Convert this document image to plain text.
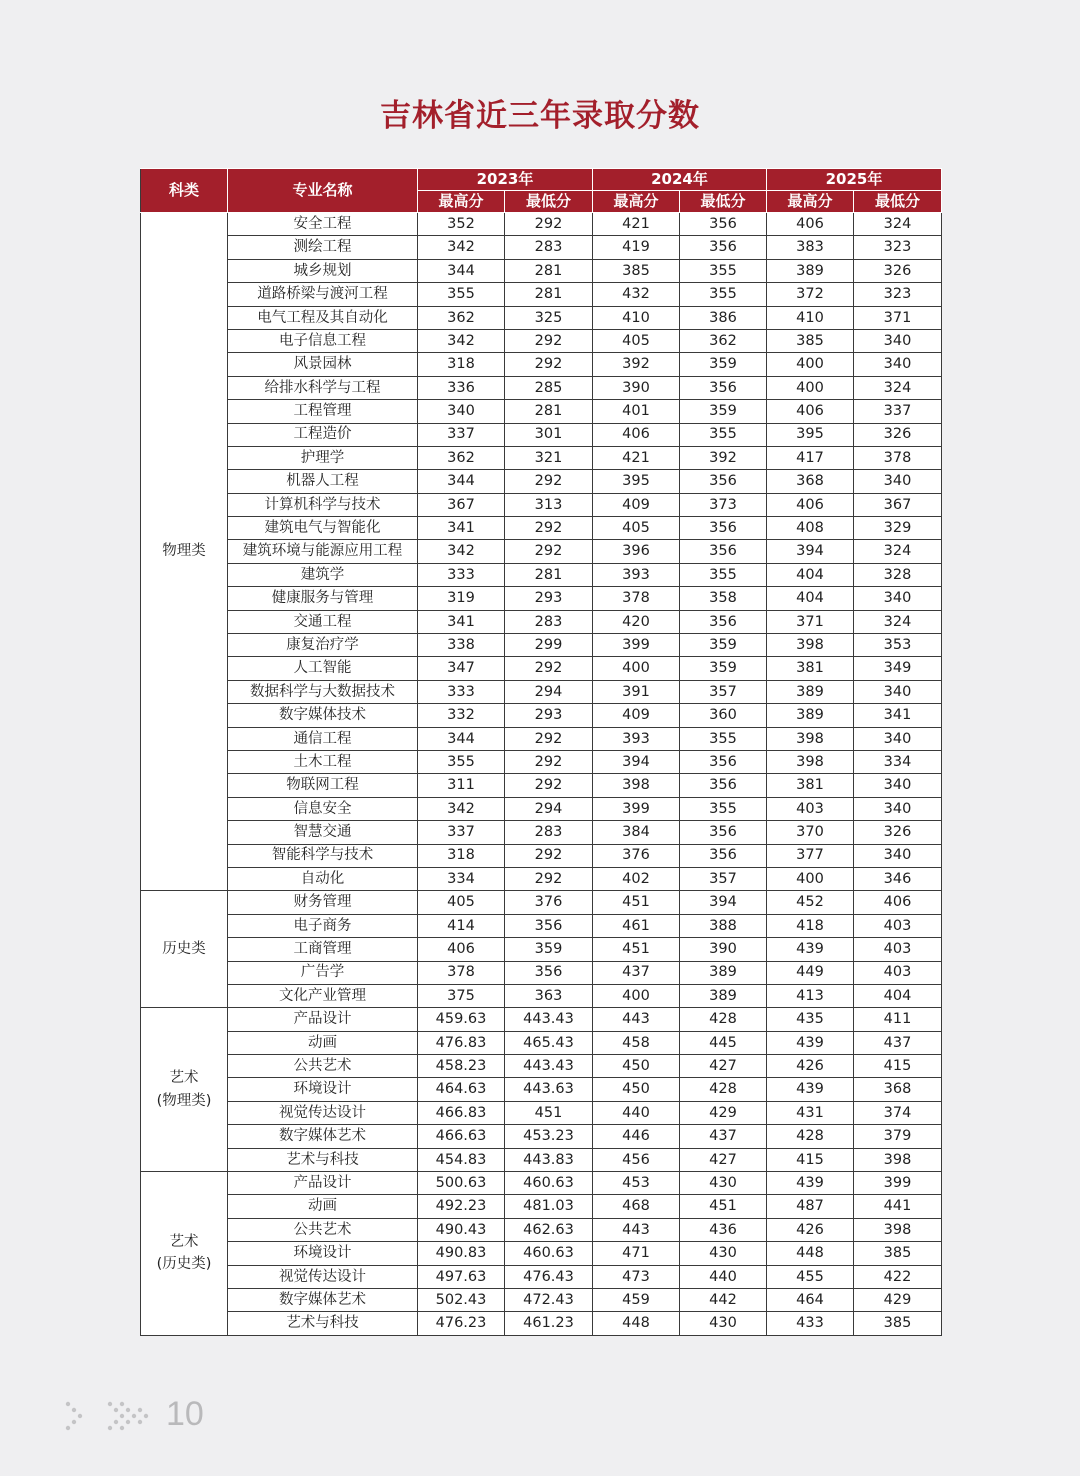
吉林省近三年录取分数
科类	专业名称	2023年		2024年		2025年	
		最高分	最低分	最高分	最低分	最高分	最低分

物理类	安全工程	352	292	421	356	406	324
	测绘工程	342	283	419	356	383	323
	城乡规划	344	281	385	355	389	326
	道路桥梁与渡河工程	355	281	432	355	372	323
	电气工程及其自动化	362	325	410	386	410	371
	电子信息工程	342	292	405	362	385	340
	风景园林	318	292	392	359	400	340
	给排水科学与工程	336	285	390	356	400	324
	工程管理	340	281	401	359	406	337
	工程造价	337	301	406	355	395	326
	护理学	362	321	421	392	417	378
	机器人工程	344	292	395	356	368	340
	计算机科学与技术	367	313	409	373	406	367
	建筑电气与智能化	341	292	405	356	408	329
	建筑环境与能源应用工程	342	292	396	356	394	324
	建筑学	333	281	393	355	404	328
	健康服务与管理	319	293	378	358	404	340
	交通工程	341	283	420	356	371	324
	康复治疗学	338	299	399	359	398	353
	人工智能	347	292	400	359	381	349
	数据科学与大数据技术	333	294	391	357	389	340
	数字媒体技术	332	293	409	360	389	341
	通信工程	344	292	393	355	398	340
	土木工程	355	292	394	356	398	334
	物联网工程	311	292	398	356	381	340
	信息安全	342	294	399	355	403	340
	智慧交通	337	283	384	356	370	326
	智能科学与技术	318	292	376	356	377	340
	自动化	334	292	402	357	400	346

历史类	财务管理	405	376	451	394	452	406
	电子商务	414	356	461	388	418	403
	工商管理	406	359	451	390	439	403
	广告学	378	356	437	389	449	403
	文化产业管理	375	363	400	389	413	404

艺术
(物理类)	产品设计	459.63	443.43	443	428	435	411
	动画	476.83	465.43	458	445	439	437
	公共艺术	458.23	443.43	450	427	426	415
	环境设计	464.63	443.63	450	428	439	368
	视觉传达设计	466.83	451	440	429	431	374
	数字媒体艺术	466.63	453.23	446	437	428	379
	艺术与科技	454.83	443.83	456	427	415	398

艺术
(历史类)	产品设计	500.63	460.63	453	430	439	399
	动画	492.23	481.03	468	451	487	441
	公共艺术	490.43	462.63	443	436	426	398
	环境设计	490.83	460.63	471	430	448	385
	视觉传达设计	497.63	476.43	473	440	455	422
	数字媒体艺术	502.43	472.43	459	442	464	429
	艺术与科技	476.23	461.23	448	430	433	385
10
